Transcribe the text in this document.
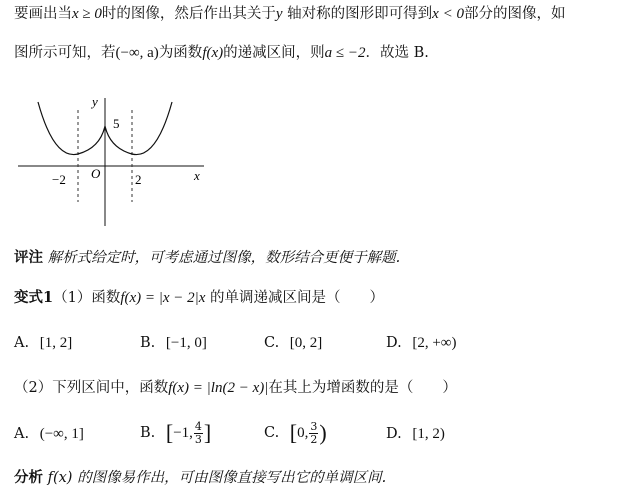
要画出当x ≥ 0时的图像，然后作出其关于y 轴对称的图形即可得到x < 0部分的图像，如
图所示可知，若(−∞, a)为函数f(x)的递减区间，则a ≤ −2．故选 B.
y
x
5
O
−2	2
评注 解析式给定时，可考虑通过图像，数形结合更便于解题.
变式1（1）函数f(x) = |x − 2|x 的单调递减区间是（　　）
A. [1, 2]	B. [−1, 0]	C. [0, 2]	D. [2, +∞)
（2）下列区间中，函数f(x) = |ln(2 − x)|在其上为增函数的是（　　）
A. (−∞, 1]	B. [−1, $\frac{4}{3}$ ]	C. [0, $\frac{3}{2}$ )	D. [1, 2)
分析 f(x) 的图像易作出，可由图像直接写出它的单调区间.
